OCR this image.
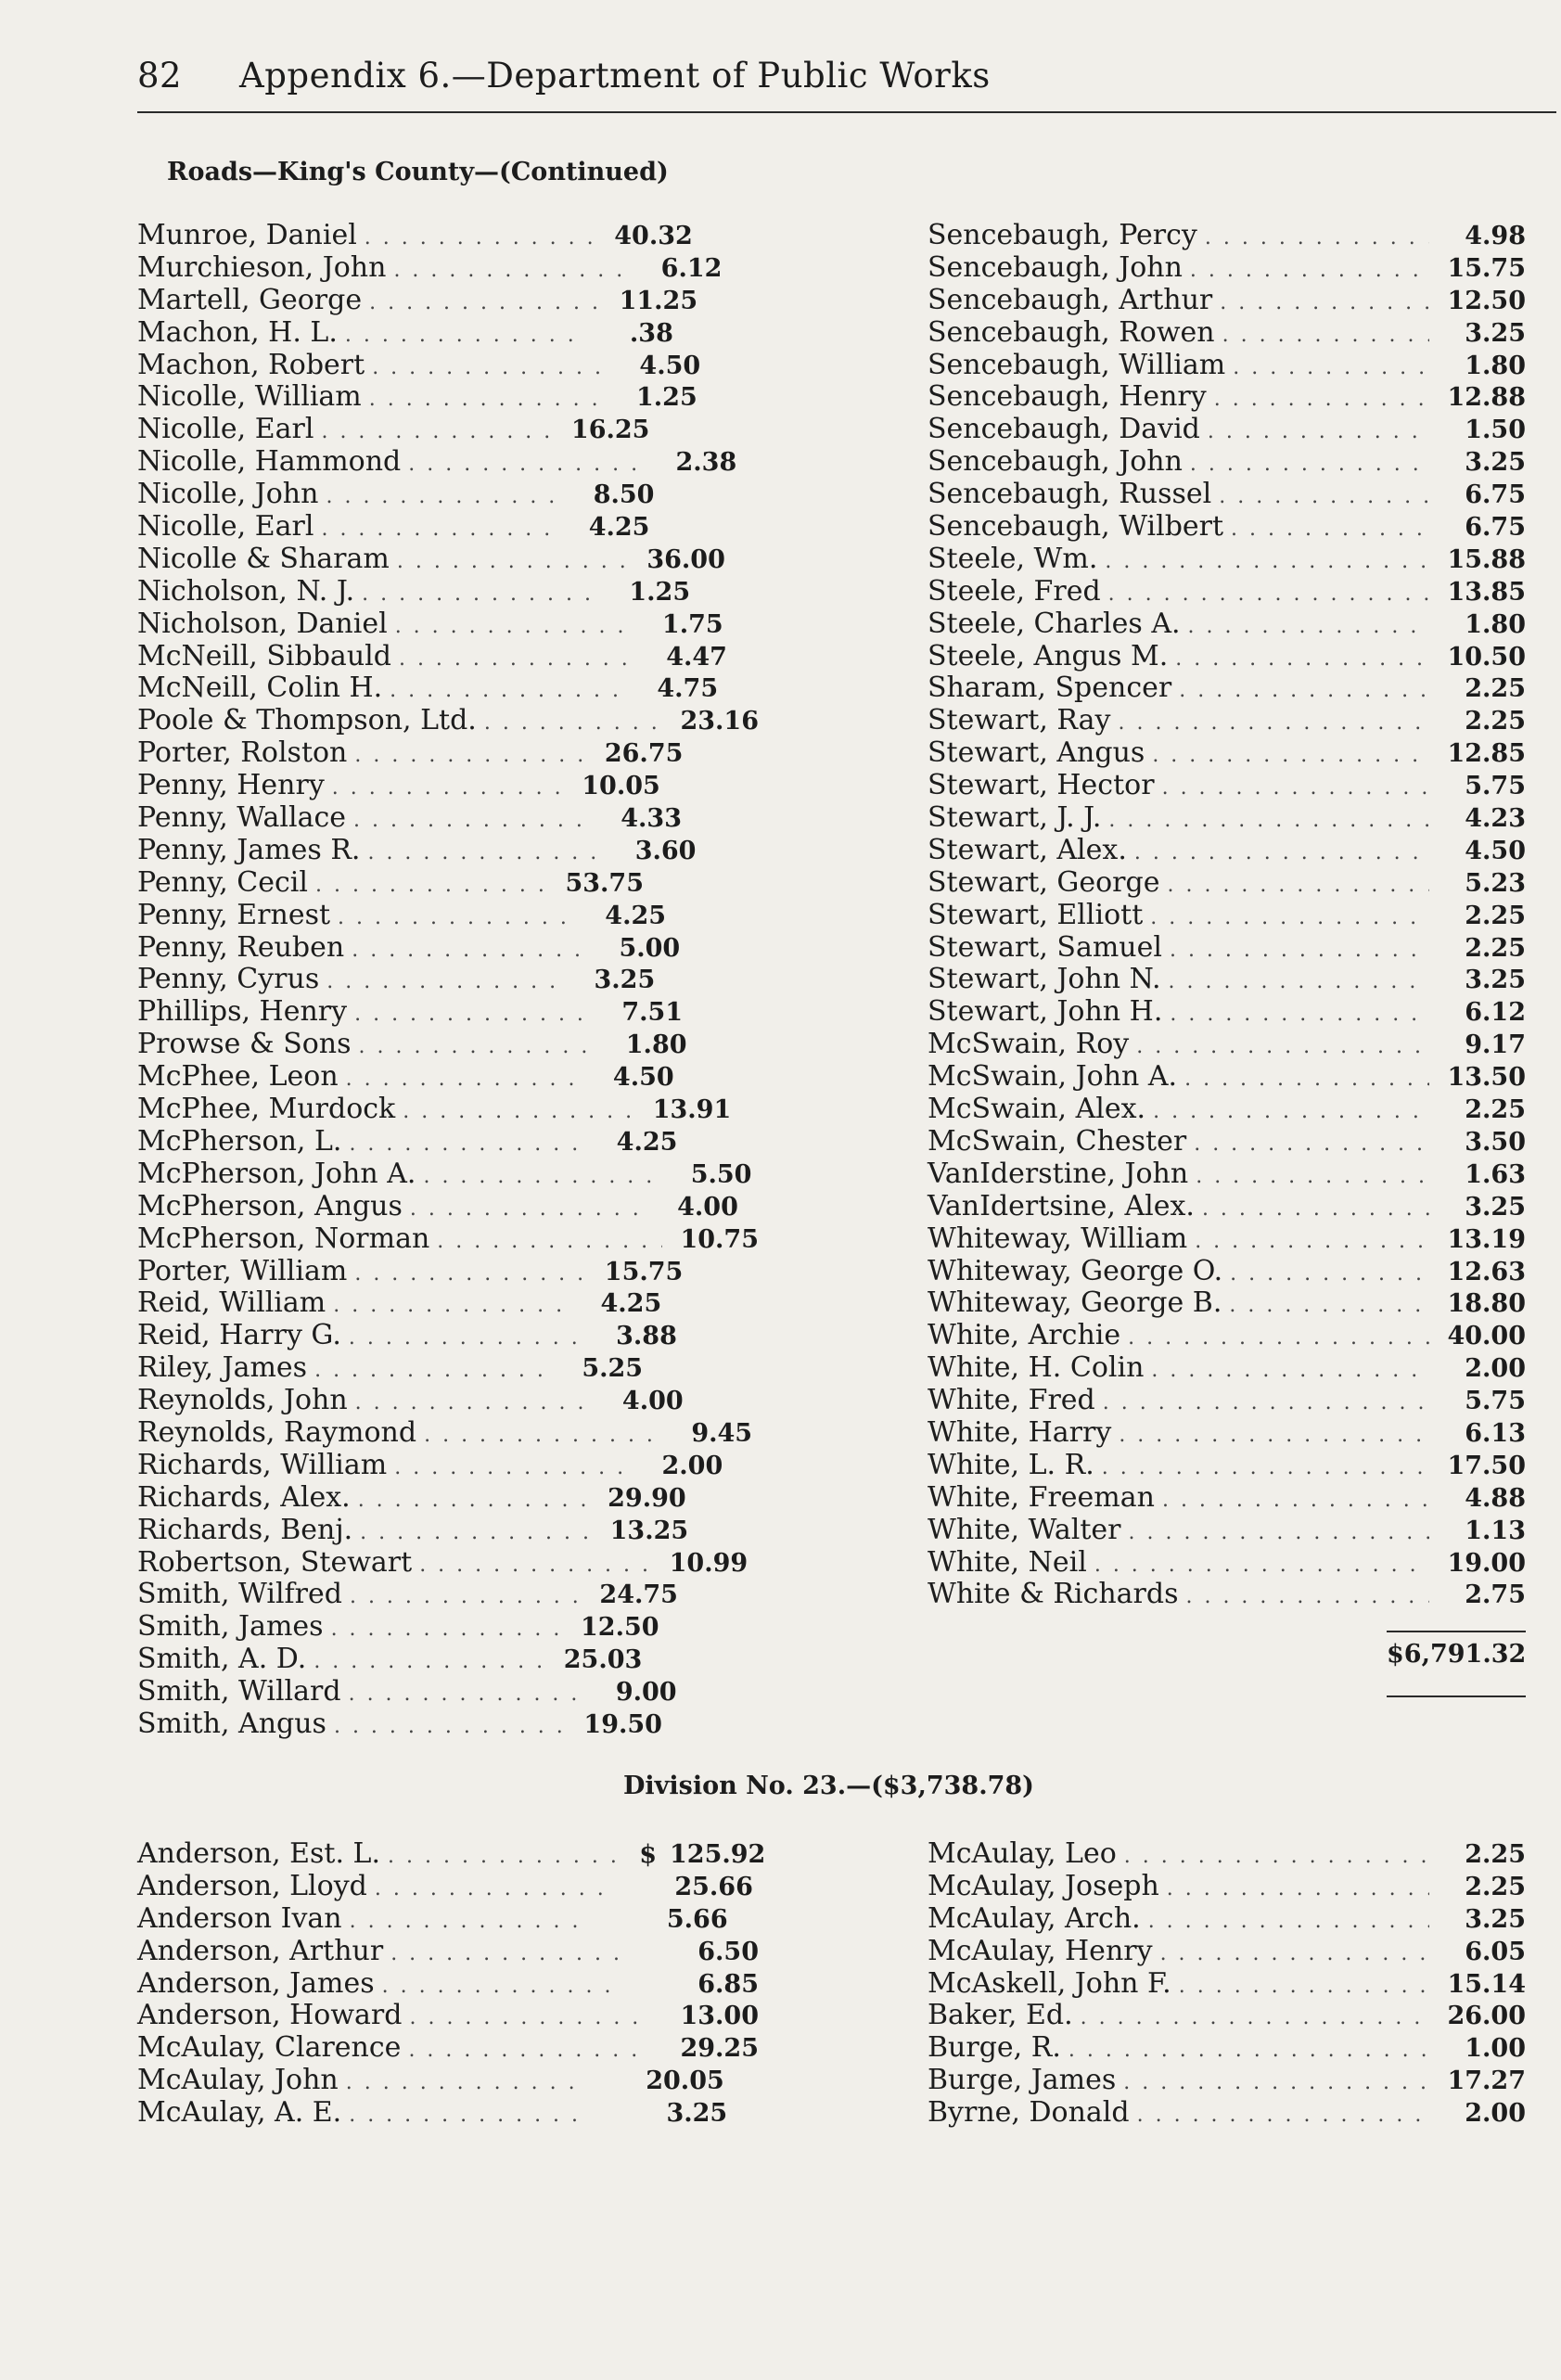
82	Appendix 6.—Department of Public Works
Roads—King's County—(Continued)
Munroe, Daniel . . .	40.32
Murchieson, John . . .	6.12
Martell, George . . .	11.25
Machon, H. L. . . .	.38
Machon, Robert . . .	4.50
Nicolle, William . . .	1.25
Nicolle, Earl . . .	16.25
Nicolle, Hammond . . .	2.38
Nicolle, John . . .	8.50
Nicolle, Earl . . .	4.25
Nicolle & Sharam . . .	36.00
Nicholson, N. J. . . .	1.25
Nicholson, Daniel . . .	1.75
McNeill, Sibbauld . . .	4.47
McNeill, Colin H. . . .	4.75
Poole & Thompson, Ltd. . . .	23.16
Porter, Rolston . . .	26.75
Penny, Henry . . .	10.05
Penny, Wallace . . .	4.33
Penny, James R. . . .	3.60
Penny, Cecil . . .	53.75
Penny, Ernest . . .	4.25
Penny, Reuben . . .	5.00
Penny, Cyrus . . .	3.25
Phillips, Henry . . .	7.51
Prowse & Sons . . .	1.80
McPhee, Leon . . .	4.50
McPhee, Murdock . . .	13.91
McPherson, L. . . .	4.25
McPherson, John A. . . .	5.50
McPherson, Angus . . .	4.00
McPherson, Norman . . .	10.75
Porter, William . . .	15.75
Reid, William . . .	4.25
Reid, Harry G. . . .	3.88
Riley, James . . .	5.25
Reynolds, John . . .	4.00
Reynolds, Raymond . . .	9.45
Richards, William . . .	2.00
Richards, Alex. . . .	29.90
Richards, Benj. . . .	13.25
Robertson, Stewart . . .	10.99
Smith, Wilfred . . .	24.75
Smith, James . . .	12.50
Smith, A. D. . . .	25.03
Smith, Willard . . .	9.00
Smith, Angus . . .	19.50
Sencebaugh, Percy . . .	4.98
Sencebaugh, John . . .	15.75
Sencebaugh, Arthur . . .	12.50
Sencebaugh, Rowen . . .	3.25
Sencebaugh, William . . .	1.80
Sencebaugh, Henry . . .	12.88
Sencebaugh, David . . .	1.50
Sencebaugh, John . . .	3.25
Sencebaugh, Russel . . .	6.75
Sencebaugh, Wilbert . . .	6.75
Steele, Wm. . . .	15.88
Steele, Fred . . .	13.85
Steele, Charles A. . . .	1.80
Steele, Angus M. . . .	10.50
Sharam, Spencer . . .	2.25
Stewart, Ray . . .	2.25
Stewart, Angus . . .	12.85
Stewart, Hector . . .	5.75
Stewart, J. J. . . .	4.23
Stewart, Alex. . . .	4.50
Stewart, George . . .	5.23
Stewart, Elliott . . .	2.25
Stewart, Samuel . . .	2.25
Stewart, John N. . . .	3.25
Stewart, John H. . . .	6.12
McSwain, Roy . . .	9.17
McSwain, John A. . . .	13.50
McSwain, Alex. . . .	2.25
McSwain, Chester . . .	3.50
VanIderstine, John . . .	1.63
VanIdertsine, Alex. . . .	3.25
Whiteway, William . . .	13.19
Whiteway, George O. . . .	12.63
Whiteway, George B. . . .	18.80
White, Archie . . .	40.00
White, H. Colin . . .	2.00
White, Fred . . .	5.75
White, Harry . . .	6.13
White, L. R. . . .	17.50
White, Freeman . . .	4.88
White, Walter . . .	1.13
White, Neil . . .	19.00
White & Richards . . .	2.75
$6,791.32
Division No. 23.—($3,738.78)
Anderson, Est. L. . . .	$ 125.92
Anderson, Lloyd . . .	25.66
Anderson Ivan . . .	5.66
Anderson, Arthur . . .	6.50
Anderson, James . . .	6.85
Anderson, Howard . . .	13.00
McAulay, Clarence . . .	29.25
McAulay, John . . .	20.05
McAulay, A. E. . . .	3.25
McAulay, Leo . . .	2.25
McAulay, Joseph . . .	2.25
McAulay, Arch. . . .	3.25
McAulay, Henry . . .	6.05
McAskell, John F. . . .	15.14
Baker, Ed. . . .	26.00
Burge, R. . . .	1.00
Burge, James . . .	17.27
Byrne, Donald . . .	2.00
